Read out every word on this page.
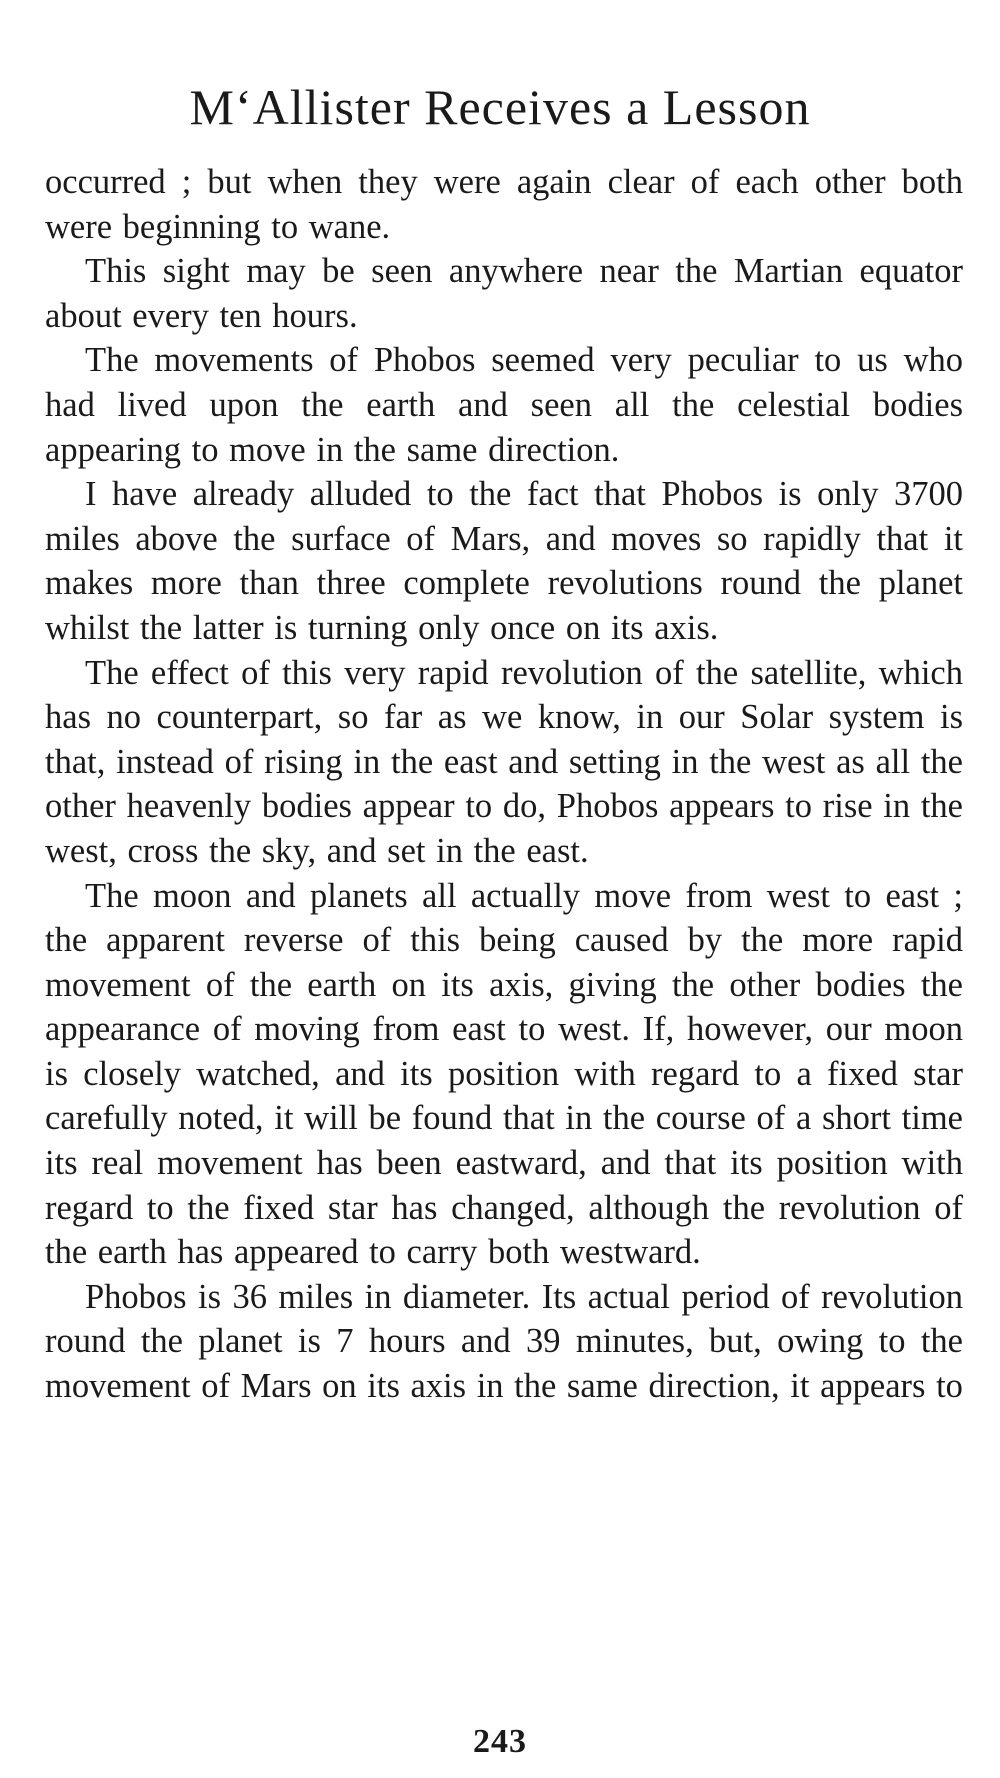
MʻAllister Receives a Lesson

occurred ; but when they were again clear of each other both were beginning to wane.

This sight may be seen anywhere near the Martian equator about every ten hours.

The movements of Phobos seemed very peculiar to us who had lived upon the earth and seen all the celestial bodies appearing to move in the same direction.

I have already alluded to the fact that Phobos is only 3700 miles above the surface of Mars, and moves so rapidly that it makes more than three complete revolutions round the planet whilst the latter is turning only once on its axis.

The effect of this very rapid revolution of the satellite, which has no counterpart, so far as we know, in our Solar system is that, instead of rising in the east and setting in the west as all the other heavenly bodies appear to do, Phobos appears to rise in the west, cross the sky, and set in the east.

The moon and planets all actually move from west to east ; the apparent reverse of this being caused by the more rapid movement of the earth on its axis, giving the other bodies the appearance of moving from east to west. If, however, our moon is closely watched, and its position with regard to a fixed star carefully noted, it will be found that in the course of a short time its real movement has been eastward, and that its position with regard to the fixed star has changed, although the revolution of the earth has appeared to carry both westward.

Phobos is 36 miles in diameter. Its actual period of revolution round the planet is 7 hours and 39 minutes, but, owing to the movement of Mars on its axis in the same direction, it appears to

243
